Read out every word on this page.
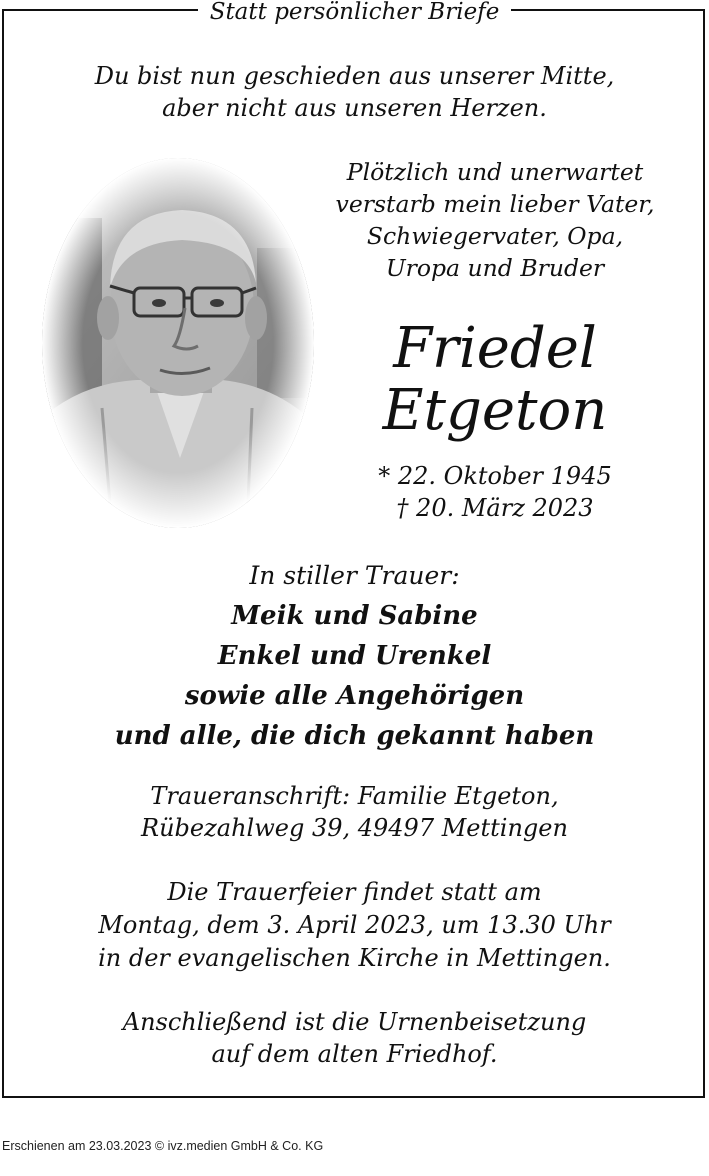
Statt persönlicher Briefe
Du bist nun geschieden aus unserer Mitte,
aber nicht aus unseren Herzen.
Plötzlich und unerwartet
verstarb mein lieber Vater,
Schwiegervater, Opa,
Uropa und Bruder
Friedel
Etgeton
* 22. Oktober 1945
† 20. März 2023
In stiller Trauer:
Meik und Sabine
Enkel und Urenkel
sowie alle Angehörigen
und alle, die dich gekannt haben
Traueranschrift: Familie Etgeton,
Rübezahlweg 39, 49497 Mettingen
Die Trauerfeier findet statt am
Montag, dem 3. April 2023, um 13.30 Uhr
in der evangelischen Kirche in Mettingen.
Anschließend ist die Urnenbeisetzung
auf dem alten Friedhof.
Erschienen am 23.03.2023 © ivz.medien GmbH & Co. KG
